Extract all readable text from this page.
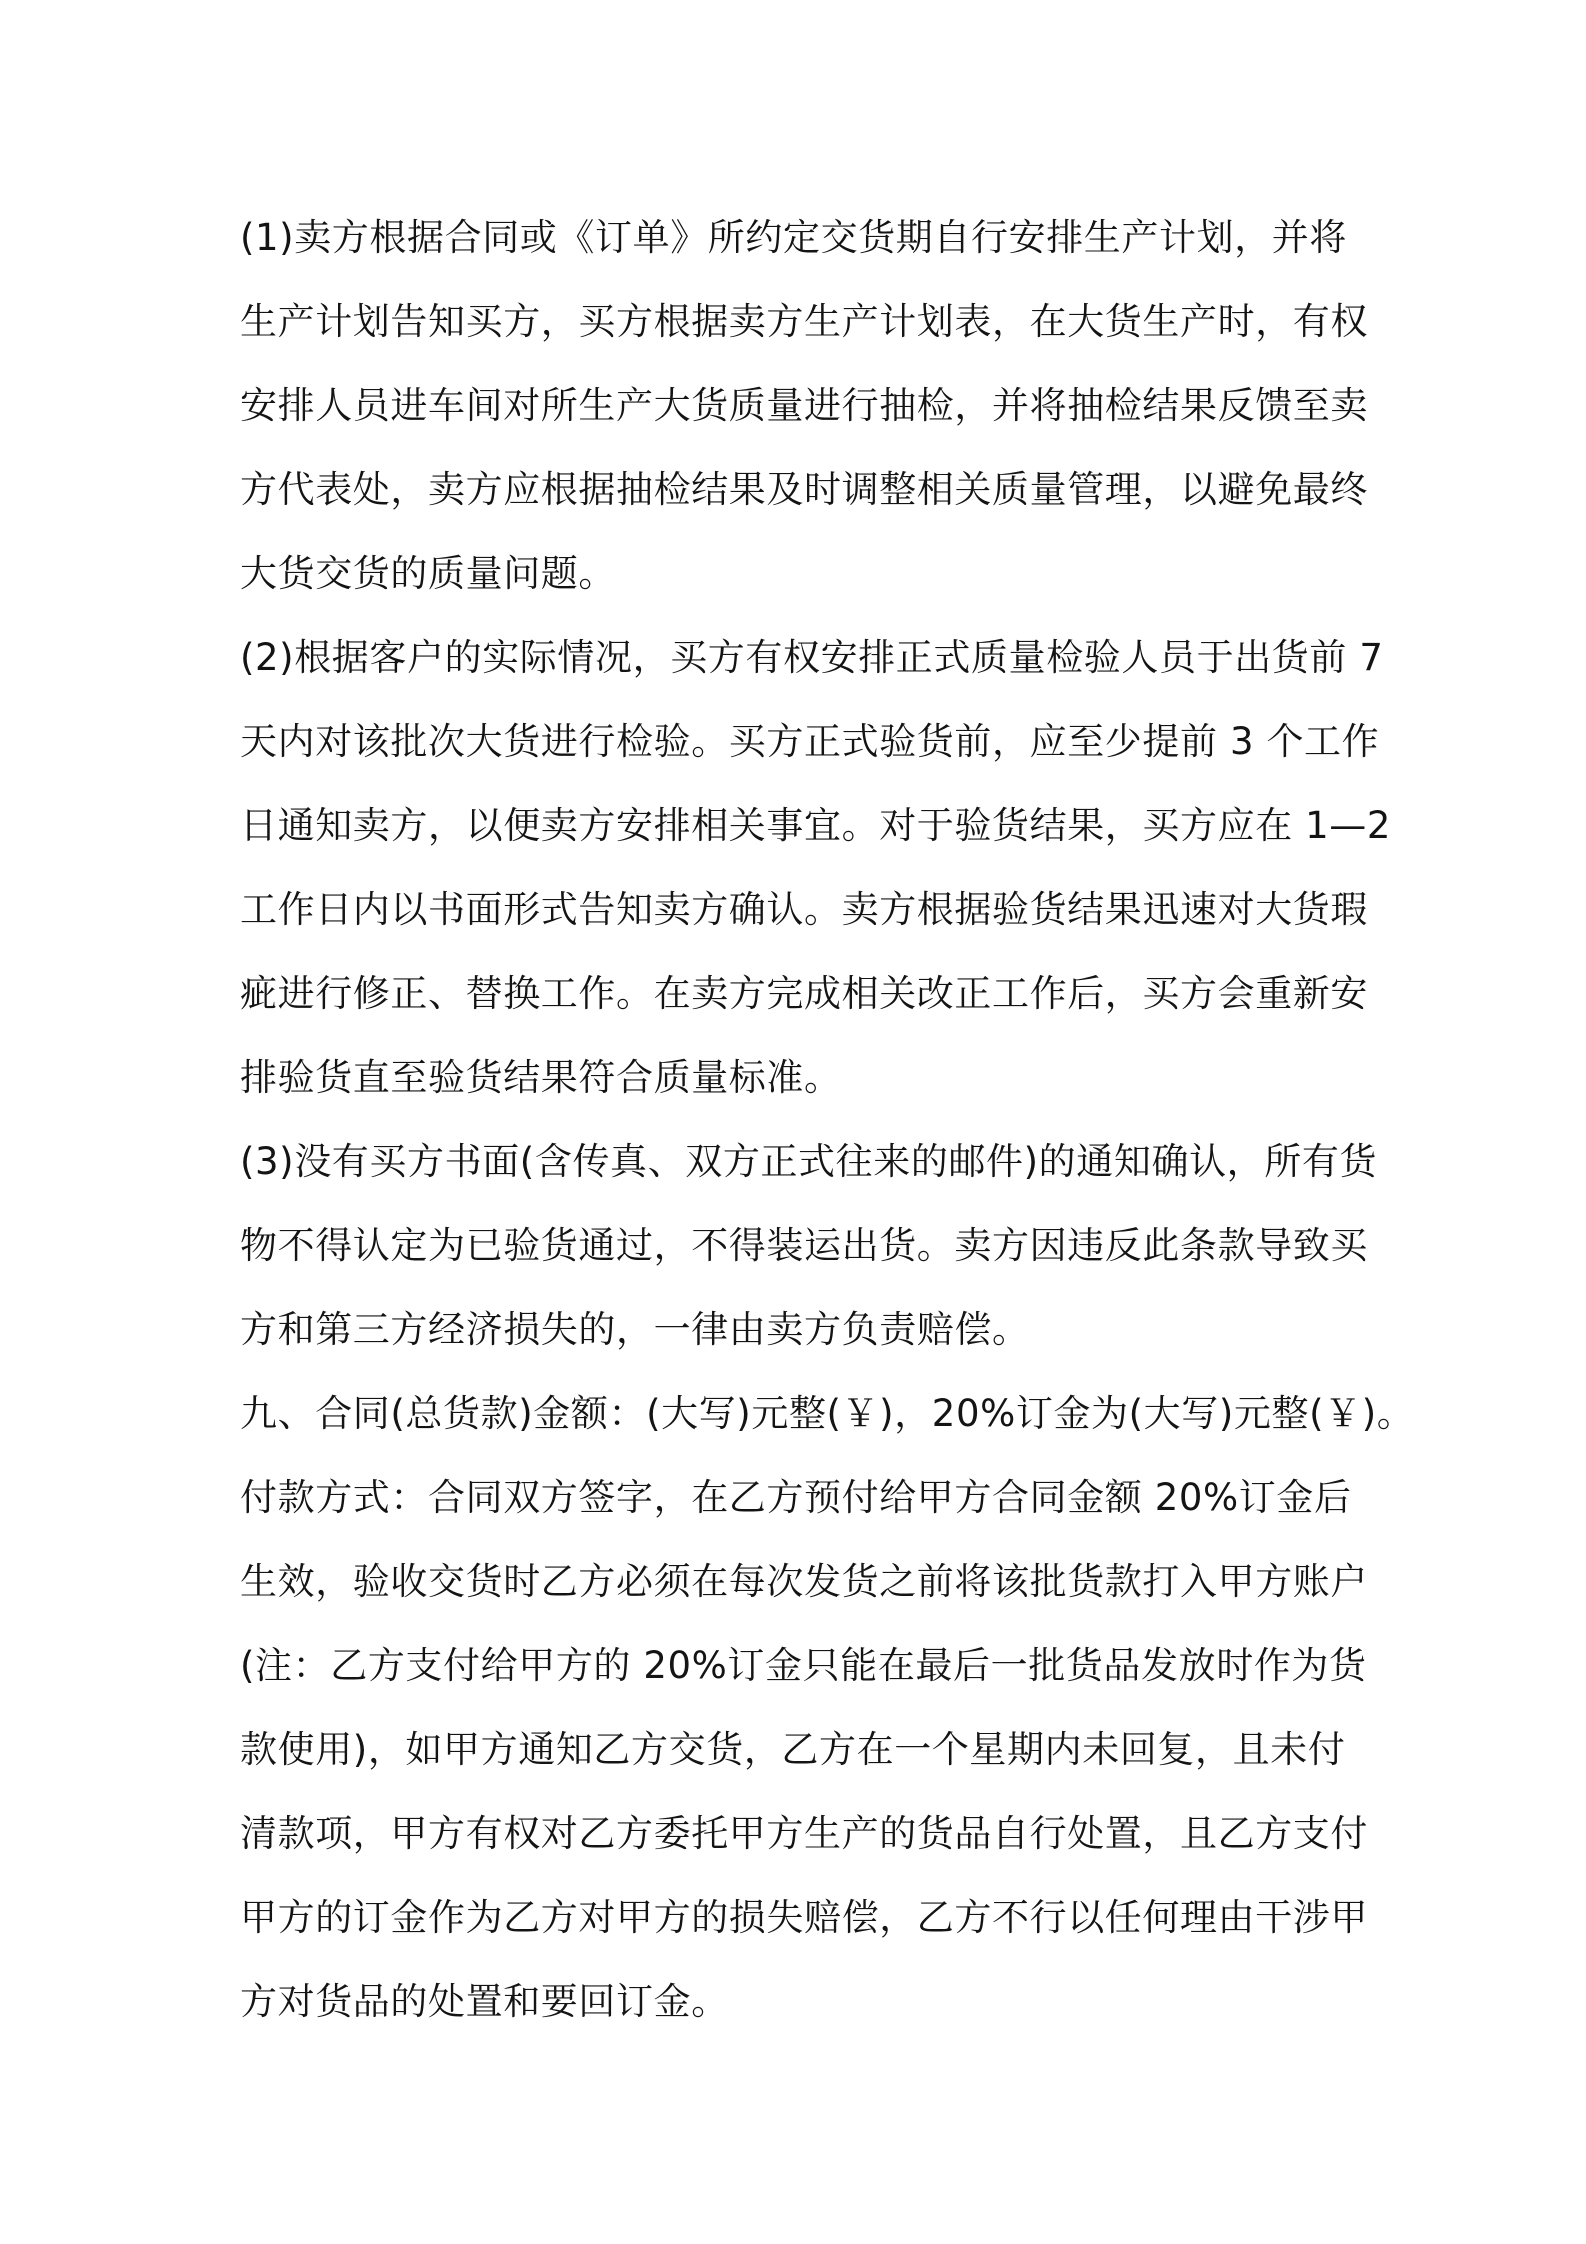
(1)卖方根据合同或《订单》所约定交货期自行安排生产计划，并将
生产计划告知买方，买方根据卖方生产计划表，在大货生产时，有权
安排人员进车间对所生产大货质量进行抽检，并将抽检结果反馈至卖
方代表处，卖方应根据抽检结果及时调整相关质量管理，以避免最终
大货交货的质量问题。
(2)根据客户的实际情况，买方有权安排正式质量检验人员于出货前 7
天内对该批次大货进行检验。买方正式验货前，应至少提前 3 个工作
日通知卖方，以便卖方安排相关事宜。对于验货结果，买方应在 1—2
工作日内以书面形式告知卖方确认。卖方根据验货结果迅速对大货瑕
疵进行修正、替换工作。在卖方完成相关改正工作后，买方会重新安
排验货直至验货结果符合质量标准。
(3)没有买方书面(含传真、双方正式往来的邮件)的通知确认，所有货
物不得认定为已验货通过，不得装运出货。卖方因违反此条款导致买
方和第三方经济损失的，一律由卖方负责赔偿。
九、合同(总货款)金额：(大写)元整(￥)，20%订金为(大写)元整(￥)。
付款方式：合同双方签字，在乙方预付给甲方合同金额 20%订金后
生效，验收交货时乙方必须在每次发货之前将该批货款打入甲方账户
(注：乙方支付给甲方的 20%订金只能在最后一批货品发放时作为货
款使用)，如甲方通知乙方交货，乙方在一个星期内未回复，且未付
清款项，甲方有权对乙方委托甲方生产的货品自行处置，且乙方支付
甲方的订金作为乙方对甲方的损失赔偿，乙方不行以任何理由干涉甲
方对货品的处置和要回订金。
